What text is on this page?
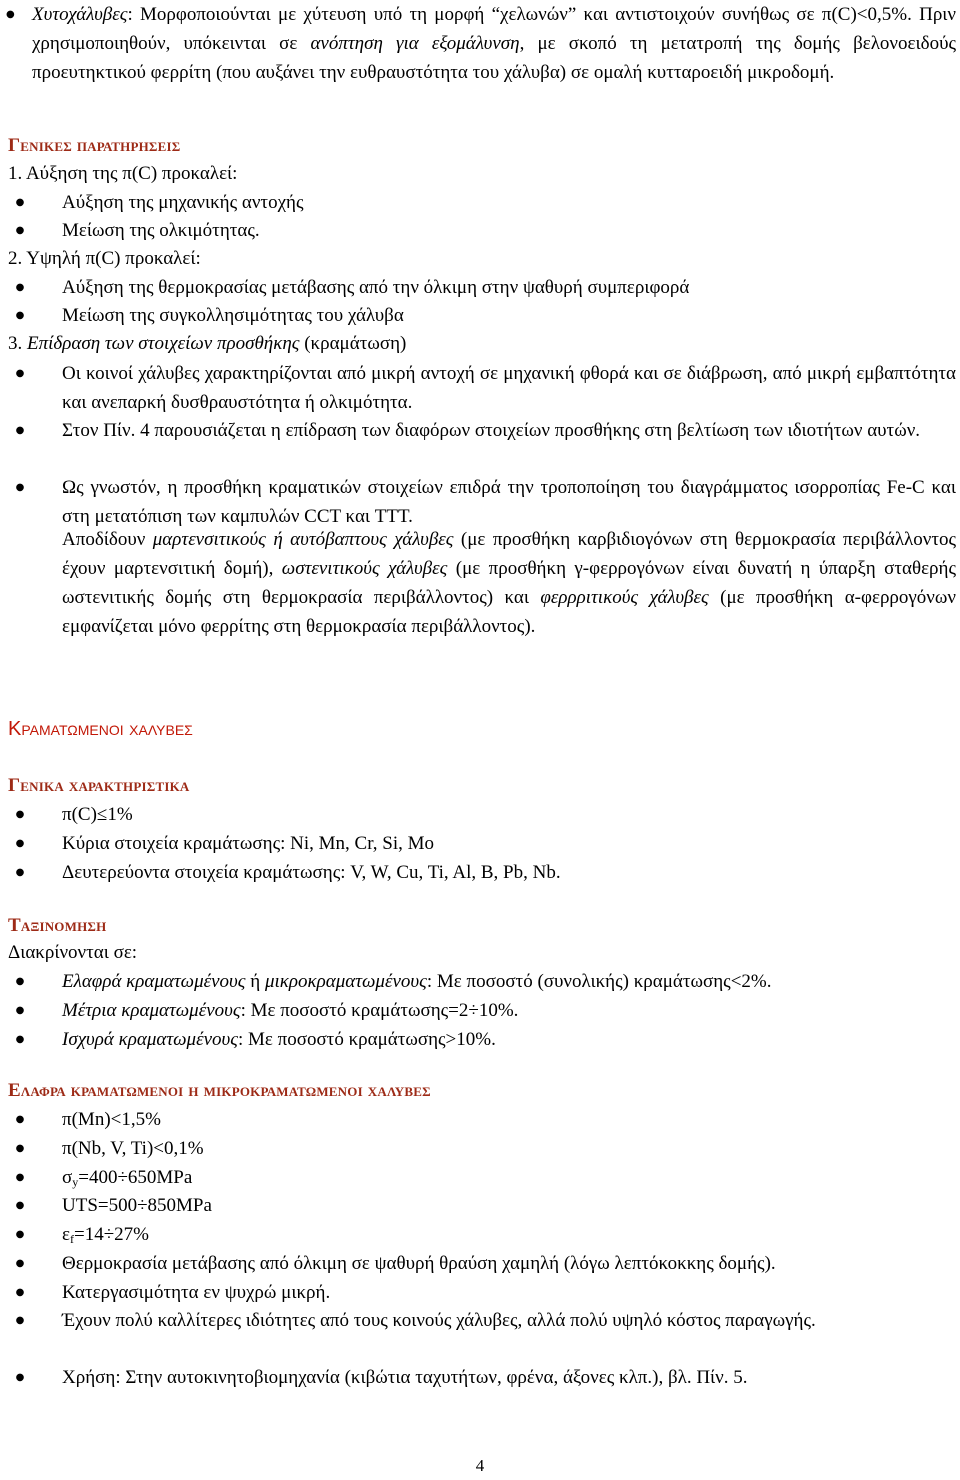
●
Χυτοχάλυβες: Μορφοποιούνται με χύτευση υπό τη μορφή “χελωνών” και αντιστοιχούν συνήθως σε π(C)<0,5%. Πριν χρησιμοποιηθούν, υπόκεινται σε ανόπτηση για εξομάλυνση, με σκοπό τη μετατροπή της δομής βελονοειδούς προευτηκτικού φερρίτη (που αυξάνει την ευθραυστότητα του χάλυβα) σε ομαλή κυτταροειδή μικροδομή.

Γενικες παρατηρησεις
1. Αύξηση της π(C) προκαλεί:
●
Αύξηση της μηχανικής αντοχής
●
Μείωση της ολκιμότητας.
2. Υψηλή π(C) προκαλεί:
●
Αύξηση της θερμοκρασίας μετάβασης από την όλκιμη στην ψαθυρή συμπεριφορά
●
Μείωση της συγκολλησιμότητας του χάλυβα
3. Επίδραση των στοιχείων προσθήκης (κραμάτωση)
●
Οι κοινοί χάλυβες χαρακτηρίζονται από μικρή αντοχή σε μηχανική φθορά και σε διάβρωση, από μικρή εμβαπτότητα και ανεπαρκή δυσθραυστότητα ή ολκιμότητα.
●
Στον Πίν. 4 παρουσιάζεται η επίδραση των διαφόρων στοιχείων προσθήκης στη βελτίωση των ιδιοτήτων αυτών.
●
Ως γνωστόν, η προσθήκη κραματικών στοιχείων επιδρά την τροποποίηση του διαγράμματος ισορροπίας Fe-C και στη μετατόπιση των καμπυλών CCT και TTT.
Αποδίδουν μαρτενσιτικούς ή αυτόβαπτους χάλυβες (με προσθήκη καρβιδιογόνων στη θερμοκρασία περιβάλλοντος έχουν μαρτενσιτική δομή), ωστενιτικούς χάλυβες (με προσθήκη γ-φερρογόνων είναι δυνατή η ύπαρξη σταθερής ωστενιτικής δομής στη θερμοκρασία περιβάλλοντος) και φερρριτικούς χάλυβες (με προσθήκη α-φερρογόνων εμφανίζεται μόνο φερρίτης στη θερμοκρασία περιβάλλοντος).
Κραματωμενοι χαλυβες
Γενικα χαρακτηριστικα
●
π(C)≤1%
●
Κύρια στοιχεία κραμάτωσης: Ni, Mn, Cr, Si, Mo
●
Δευτερεύοντα στοιχεία κραμάτωσης: V, W, Cu, Ti, Al, B, Pb, Nb.
Ταξινομηση
Διακρίνονται σε:
●
Ελαφρά κραματωμένους ή μικροκραματωμένους: Με ποσοστό (συνολικής) κραμάτωσης<2%.
●
Μέτρια κραματωμένους: Με ποσοστό κραμάτωσης=2÷10%.
●
Ισχυρά κραματωμένους: Με ποσοστό κραμάτωσης>10%.
Ελαφρα κραματωμενοι η μικροκραματωμενοι χαλυβες
●
π(Mn)<1,5%
●
π(Nb, V, Ti)<0,1%
●
$\sigma_y=400\div 650MPa$
●
UTS=500÷850MPa
●
$\varepsilon_f=14\div 27\%$
●
Θερμοκρασία μετάβασης από όλκιμη σε ψαθυρή θραύση χαμηλή (λόγω λεπτόκοκκης δομής).
●
Κατεργασιμότητα εν ψυχρώ μικρή.
●
Έχουν πολύ καλλίτερες ιδιότητες από τους κοινούς χάλυβες, αλλά πολύ υψηλό κόστος παραγωγής.
●
Χρήση: Στην αυτοκινητοβιομηχανία (κιβώτια ταχυτήτων, φρένα, άξονες κλπ.), βλ. Πίν. 5.
4
